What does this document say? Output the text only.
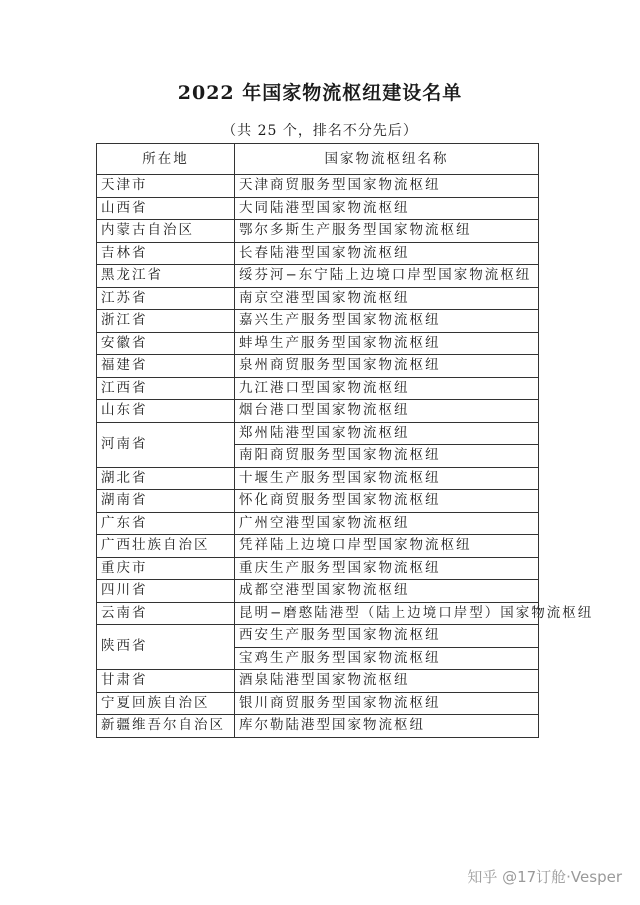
2022 年国家物流枢纽建设名单
（共 25 个，排名不分先后）
所在地	国家物流枢纽名称
天津市	天津商贸服务型国家物流枢纽
山西省	大同陆港型国家物流枢纽
内蒙古自治区	鄂尔多斯生产服务型国家物流枢纽
吉林省	长春陆港型国家物流枢纽
黑龙江省	绥芬河−东宁陆上边境口岸型国家物流枢纽
江苏省	南京空港型国家物流枢纽
浙江省	嘉兴生产服务型国家物流枢纽
安徽省	蚌埠生产服务型国家物流枢纽
福建省	泉州商贸服务型国家物流枢纽
江西省	九江港口型国家物流枢纽
山东省	烟台港口型国家物流枢纽
河南省	郑州陆港型国家物流枢纽
	南阳商贸服务型国家物流枢纽
湖北省	十堰生产服务型国家物流枢纽
湖南省	怀化商贸服务型国家物流枢纽
广东省	广州空港型国家物流枢纽
广西壮族自治区	凭祥陆上边境口岸型国家物流枢纽
重庆市	重庆生产服务型国家物流枢纽
四川省	成都空港型国家物流枢纽
云南省	昆明−磨憨陆港型（陆上边境口岸型）国家物流枢纽
陕西省	西安生产服务型国家物流枢纽
	宝鸡生产服务型国家物流枢纽
甘肃省	酒泉陆港型国家物流枢纽
宁夏回族自治区	银川商贸服务型国家物流枢纽
新疆维吾尔自治区	库尔勒陆港型国家物流枢纽
知乎 @17订舱·Vesper
